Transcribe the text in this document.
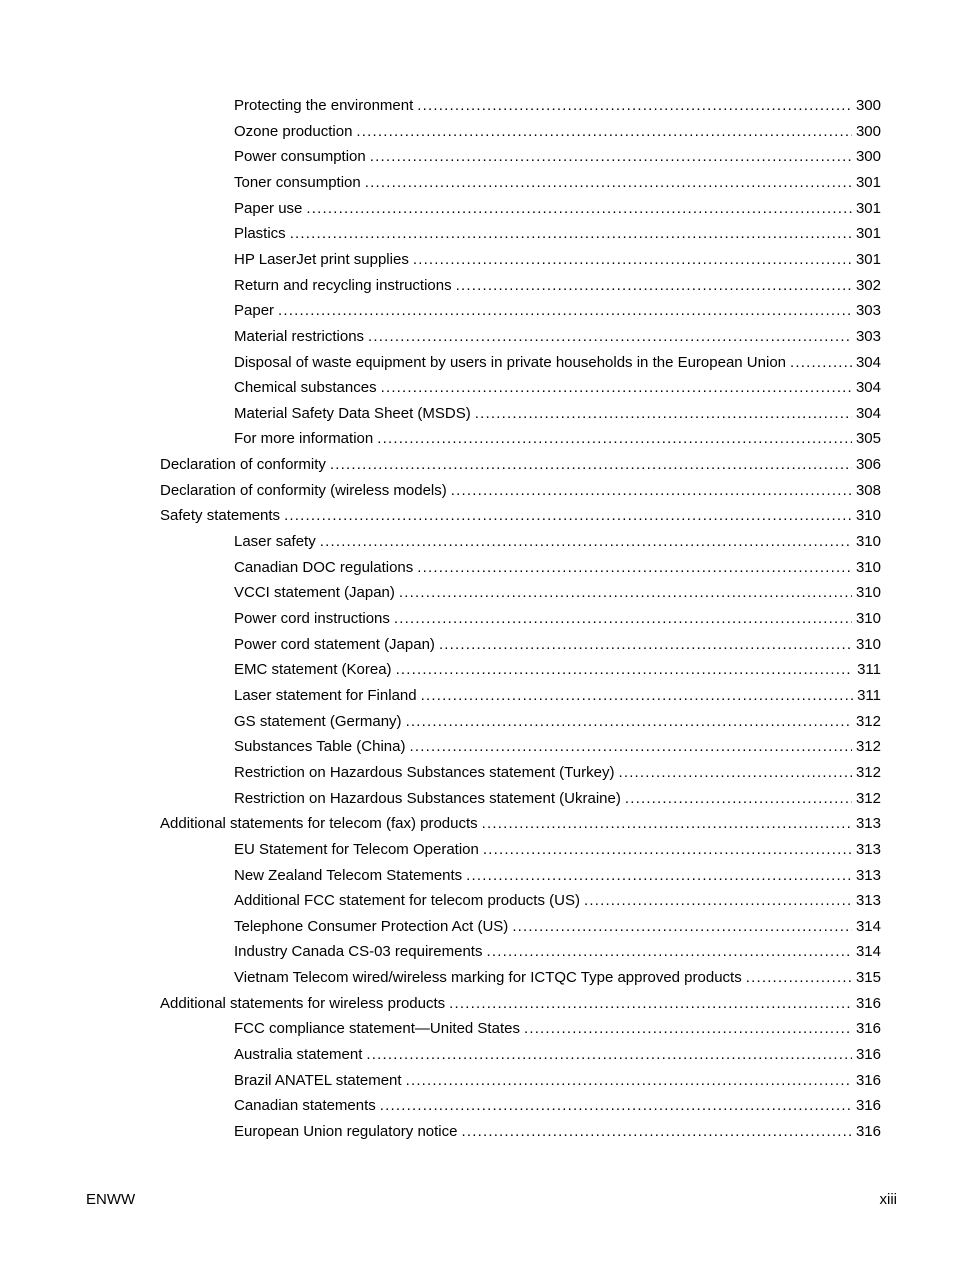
Protecting the environment .....	300
Ozone production .....	300
Power consumption .....	300
Toner consumption .....	301
Paper use .....	301
Plastics .....	301
HP LaserJet print supplies .....	301
Return and recycling instructions .....	302
Paper .....	303
Material restrictions .....	303
Disposal of waste equipment by users in private households in the European Union .....	304
Chemical substances .....	304
Material Safety Data Sheet (MSDS) .....	304
For more information .....	305
Declaration of conformity .....	306
Declaration of conformity (wireless models) .....	308
Safety statements .....	310
Laser safety .....	310
Canadian DOC regulations .....	310
VCCI statement (Japan) .....	310
Power cord instructions .....	310
Power cord statement (Japan) .....	310
EMC statement (Korea) .....	311
Laser statement for Finland .....	311
GS statement (Germany) .....	312
Substances Table (China) .....	312
Restriction on Hazardous Substances statement (Turkey) .....	312
Restriction on Hazardous Substances statement (Ukraine) .....	312
Additional statements for telecom (fax) products .....	313
EU Statement for Telecom Operation .....	313
New Zealand Telecom Statements .....	313
Additional FCC statement for telecom products (US) .....	313
Telephone Consumer Protection Act (US) .....	314
Industry Canada CS-03 requirements .....	314
Vietnam Telecom wired/wireless marking for ICTQC Type approved products .....	315
Additional statements for wireless products .....	316
FCC compliance statement—United States .....	316
Australia statement .....	316
Brazil ANATEL statement .....	316
Canadian statements .....	316
European Union regulatory notice .....	316
ENWW	xiii
